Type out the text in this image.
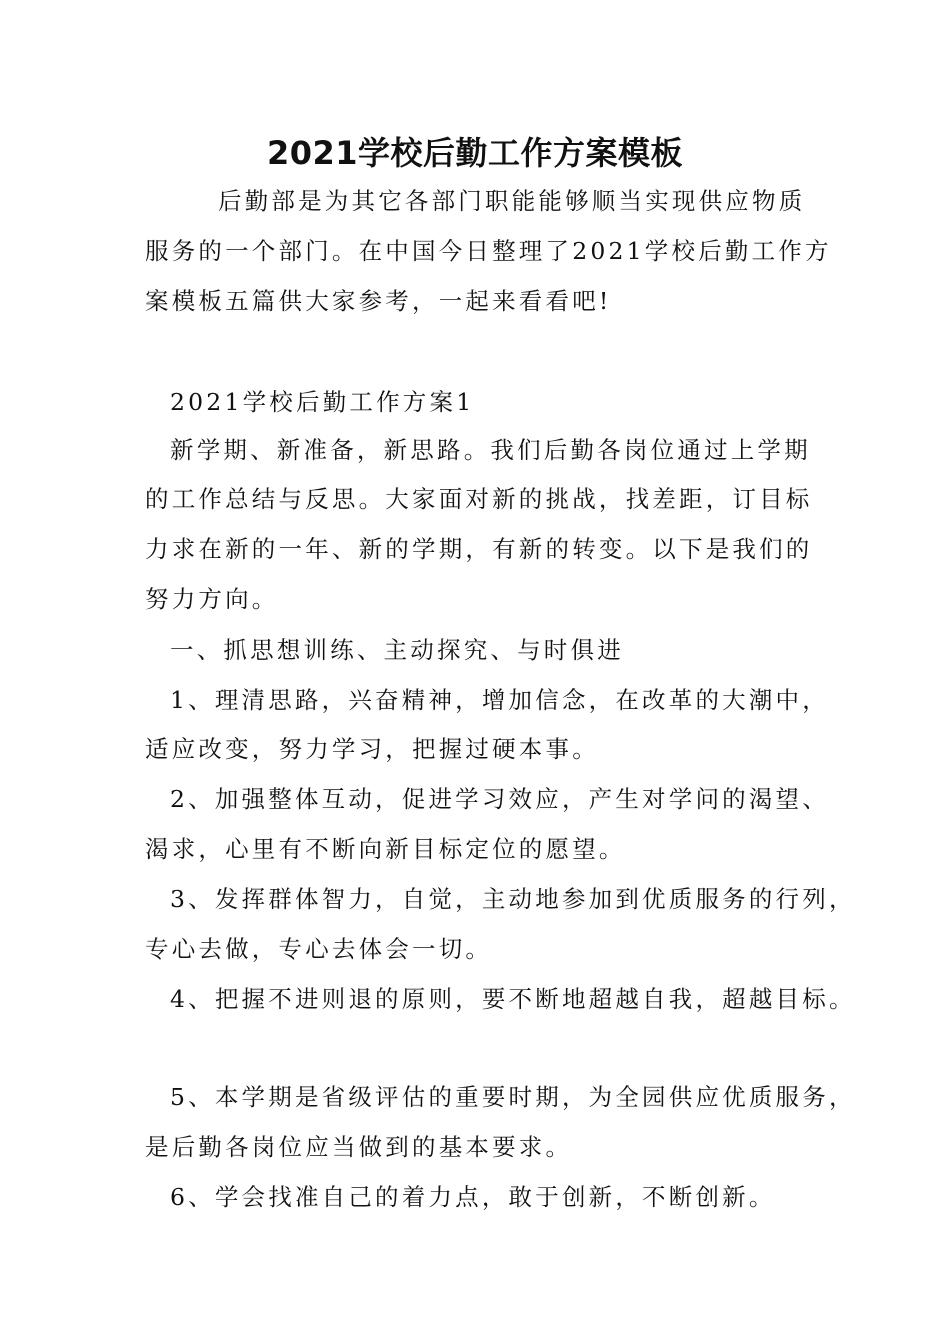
2021学校后勤工作方案模板
后勤部是为其它各部门职能能够顺当实现供应物质
服务的一个部门。在中国今日整理了2021学校后勤工作方
案模板五篇供大家参考，一起来看看吧!
2021学校后勤工作方案1
新学期、新准备，新思路。我们后勤各岗位通过上学期
的工作总结与反思。大家面对新的挑战，找差距，订目标
力求在新的一年、新的学期，有新的转变。以下是我们的
努力方向。
一、抓思想训练、主动探究、与时俱进
1、理清思路，兴奋精神，增加信念，在改革的大潮中，
适应改变，努力学习，把握过硬本事。
2、加强整体互动，促进学习效应，产生对学问的渴望、
渴求，心里有不断向新目标定位的愿望。
3、发挥群体智力，自觉，主动地参加到优质服务的行列，
专心去做，专心去体会一切。
4、把握不进则退的原则，要不断地超越自我，超越目标。
5、本学期是省级评估的重要时期，为全园供应优质服务，
是后勤各岗位应当做到的基本要求。
6、学会找准自己的着力点，敢于创新，不断创新。
